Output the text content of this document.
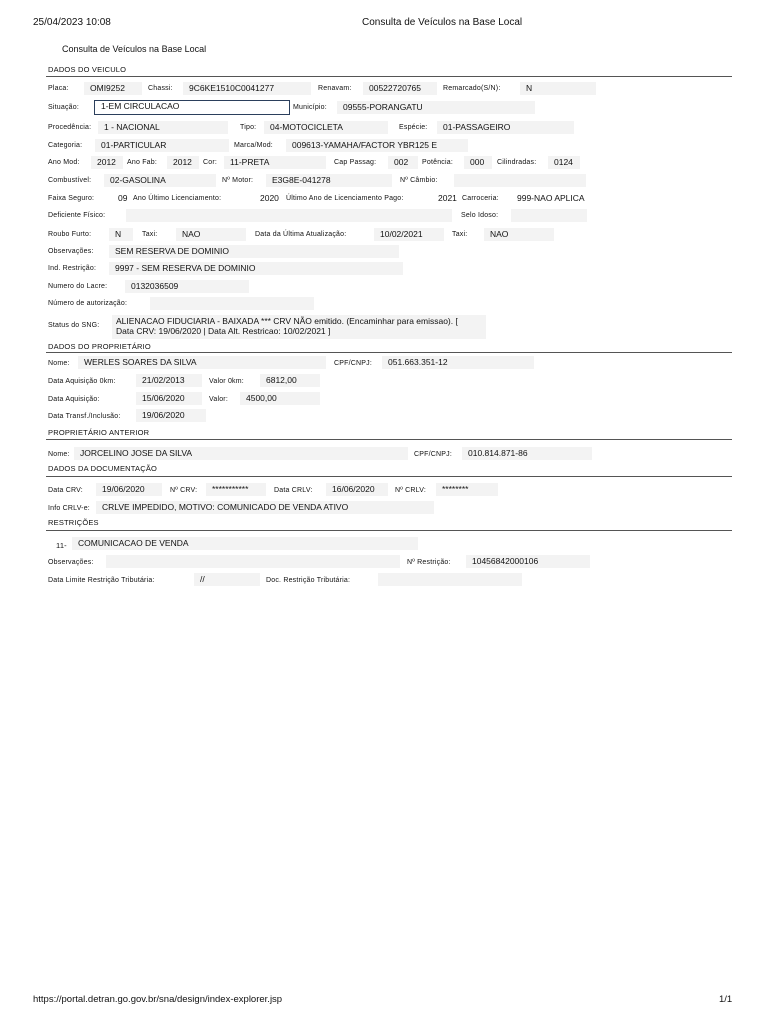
25/04/2023 10:08	Consulta de Veículos na Base Local
Consulta de Veículos na Base Local
DADOS DO VEICULO
Placa:	OMI9252	Chassi:	9C6KE1510C0041277	Renavam:	00522720765	Remarcado(S/N):	N
Situação:	1-EM CIRCULACAO	Município:	09555-PORANGATU
Procedência:	1 - NACIONAL	Tipo:	04-MOTOCICLETA	Espécie:	01-PASSAGEIRO
Categoria:	01-PARTICULAR	Marca/Mod:	009613-YAMAHA/FACTOR YBR125 E
Ano Mod:	2012	Ano Fab:	2012	Cor:	11-PRETA	Cap Passag:	002	Potência:	000	Cilindradas:	0124
Combustível:	02-GASOLINA	Nº Motor:	E3G8E-041278	Nº Câmbio:
Faixa Seguro:	09 Ano Último Licenciamento:	2020	Último Ano de Licenciamento Pago:	2021 Carroceria:	999-NAO APLICA
Deficiente Físico:	Selo Idoso:
Roubo Furto:	N	Taxi:	NAO	Data da Última Atualização:	10/02/2021	Taxi:	NAO
Observações:	SEM RESERVA DE DOMINIO
Ind. Restrição:	9997 - SEM RESERVA DE DOMINIO
Numero do Lacre:	0132036509
Número de autorização:
Status do SNG: ALIENACAO FIDUCIARIA - BAIXADA *** CRV NÃO emitido. (Encaminhar para emissao). [
Data CRV: 19/06/2020 | Data Alt. Restricao: 10/02/2021 ]
DADOS DO PROPRIETÁRIO
Nome:	WERLES SOARES DA SILVA	CPF/CNPJ:	051.663.351-12
Data Aquisição 0km:	21/02/2013	Valor 0km:	6812,00
Data Aquisição:	15/06/2020	Valor:	4500,00
Data Transf./Inclusão:	19/06/2020
PROPRIETÁRIO ANTERIOR
Nome:	JORCELINO JOSE DA SILVA	CPF/CNPJ:	010.814.871-86
DADOS DA DOCUMENTAÇÃO
Data CRV:	19/06/2020	Nº CRV:	***********	Data CRLV:	16/06/2020	Nº CRLV:	********
Info CRLV-e:	CRLVE IMPEDIDO, MOTIVO: COMUNICADO DE VENDA ATIVO
RESTRIÇÕES
11-	COMUNICACAO DE VENDA
Observações:	Nº Restrição:	10456842000106
Data Limite Restrição Tributária:	//	Doc. Restrição Tributária:
https://portal.detran.go.gov.br/sna/design/index-explorer.jsp	1/1
